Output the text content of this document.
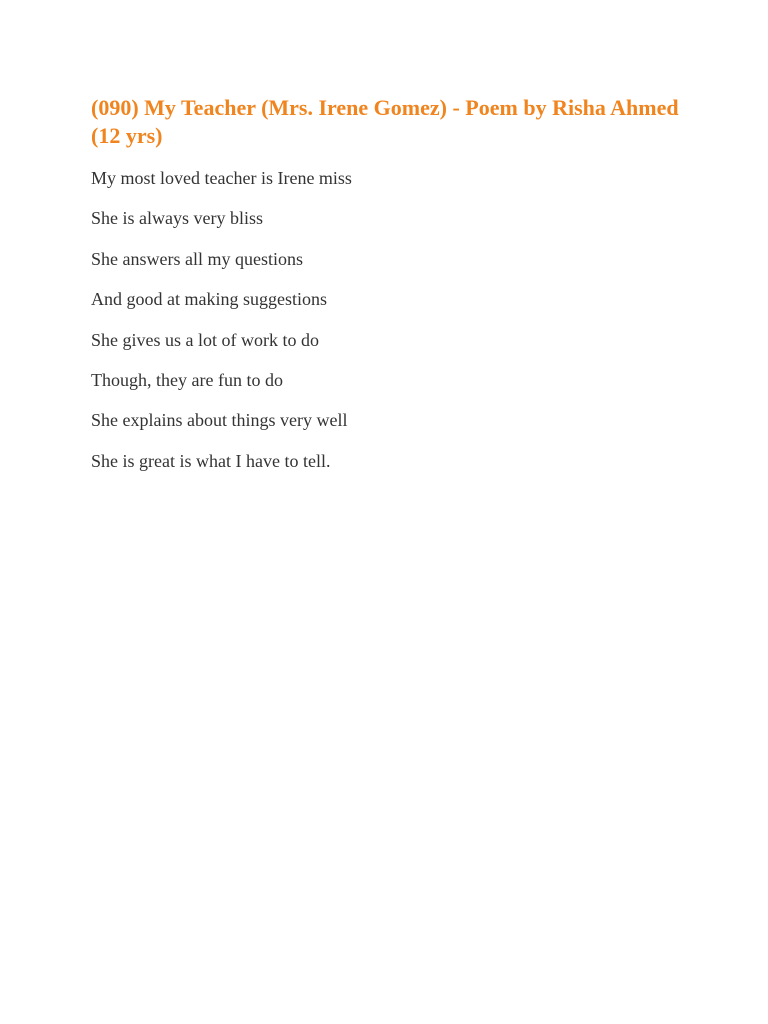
(090) My Teacher (Mrs. Irene Gomez) - Poem by Risha Ahmed (12 yrs)
My most loved teacher is Irene miss
She is always very bliss
She answers all my questions
And good at making suggestions
She gives us a lot of work to do
Though, they are fun to do
She explains about things very well
She is great is what I have to tell.
